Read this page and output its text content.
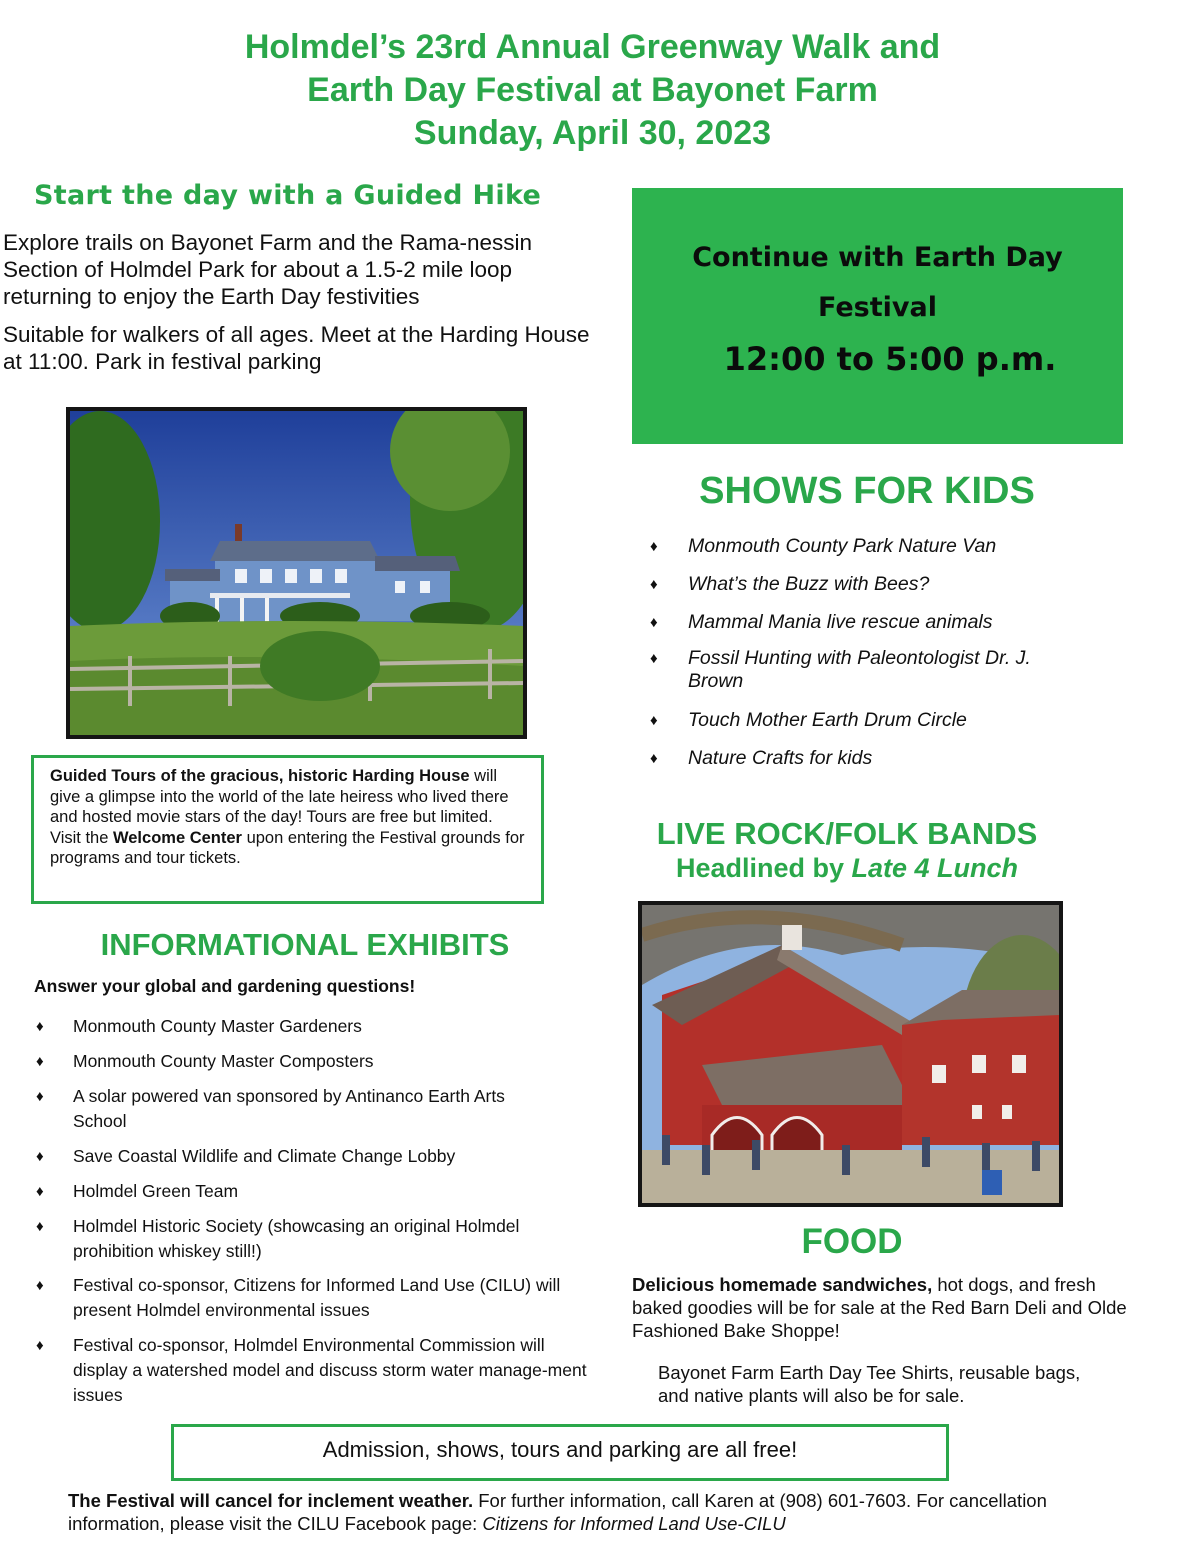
Holmdel’s 23rd Annual Greenway Walk and
Earth Day Festival at Bayonet Farm
Sunday, April 30, 2023
Start the day with a Guided Hike
Explore trails on Bayonet Farm and the Rama-nessin Section of Holmdel Park for about a 1.5-2 mile loop returning to enjoy the Earth Day festivities
Suitable for walkers of all ages. Meet at the Harding House at 11:00. Park in festival parking
Continue with Earth Day
Festival
12:00 to 5:00 p.m.
SHOWS FOR KIDS
♦ Monmouth County Park Nature Van
♦ What’s the Buzz with Bees?
♦ Mammal Mania live rescue animals
♦ Fossil Hunting with Paleontologist Dr. J. Brown
♦ Touch Mother Earth Drum Circle
♦ Nature Crafts for kids
Guided Tours of the gracious, historic Harding House will give a glimpse into the world of the late heiress who lived there and hosted movie stars of the day! Tours are free but limited. Visit the Welcome Center upon entering the Festival grounds for programs and tour tickets.
LIVE ROCK/FOLK BANDS
Headlined by Late 4 Lunch
INFORMATIONAL EXHIBITS
Answer your global and gardening questions!
♦ Monmouth County Master Gardeners
♦ Monmouth County Master Composters
♦ A solar powered van sponsored by Antinanco Earth Arts School
♦ Save Coastal Wildlife and Climate Change Lobby
♦ Holmdel Green Team
♦ Holmdel Historic Society (showcasing an original Holmdel prohibition whiskey still!)
♦ Festival co-sponsor, Citizens for Informed Land Use (CILU) will present Holmdel environmental issues
♦ Festival co-sponsor, Holmdel Environmental Commission will display a watershed model and discuss storm water manage-ment issues
FOOD
Delicious homemade sandwiches, hot dogs, and fresh baked goodies will be for sale at the Red Barn Deli and Olde Fashioned Bake Shoppe!
Bayonet Farm Earth Day Tee Shirts, reusable bags, and native plants will also be for sale.
Admission, shows, tours and parking are all free!
The Festival will cancel for inclement weather. For further information, call Karen at (908) 601-7603. For cancellation information, please visit the CILU Facebook page: Citizens for Informed Land Use-CILU
